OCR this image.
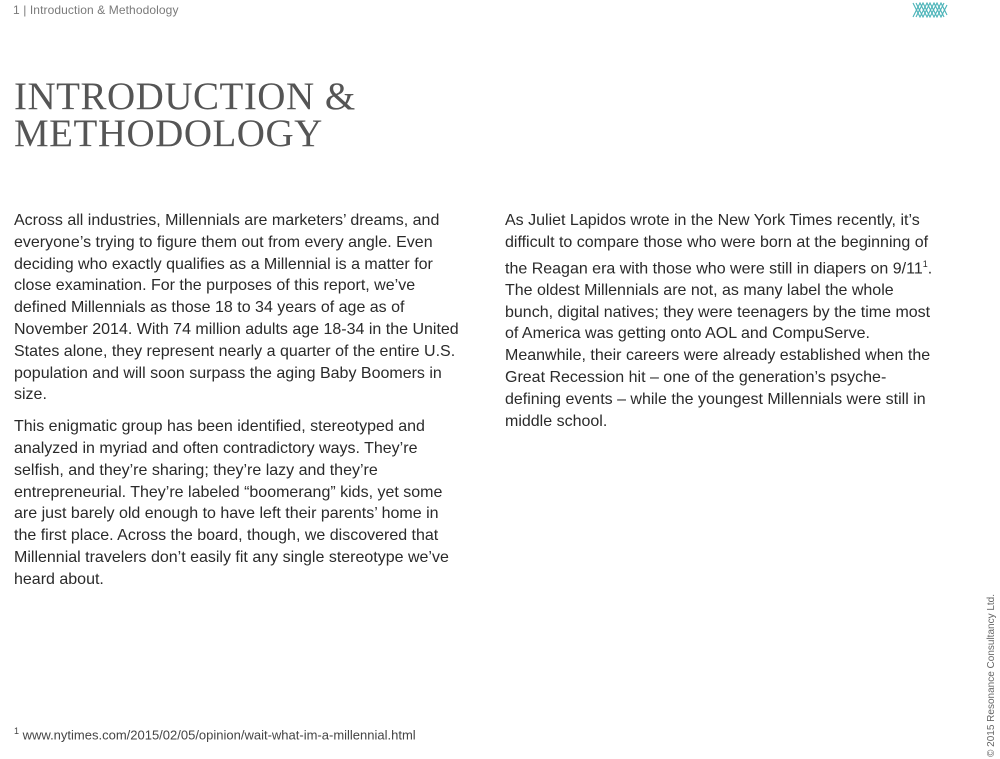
1 | Introduction & Methodology
INTRODUCTION &
METHODOLOGY

Across all industries, Millennials are marketers’ dreams, and everyone’s trying to figure them out from every angle. Even deciding who exactly qualifies as a Millennial is a matter for close examination. For the purposes of this report, we’ve defined Millennials as those 18 to 34 years of age as of November 2014. With 74 million adults age 18-34 in the United States alone, they represent nearly a quarter of the entire U.S. population and will soon surpass the aging Baby Boomers in size.

This enigmatic group has been identified, stereotyped and analyzed in myriad and often contradictory ways. They’re selfish, and they’re sharing; they’re lazy and they’re entrepreneurial. They’re labeled “boomerang” kids, yet some are just barely old enough to have left their parents’ home in the first place. Across the board, though, we discovered that Millennial travelers don’t easily fit any single stereotype we’ve heard about.

As Juliet Lapidos wrote in the New York Times recently, it’s difficult to compare those who were born at the beginning of the Reagan era with those who were still in diapers on $9/11^1$. The oldest Millennials are not, as many label the whole bunch, digital natives; they were teenagers by the time most of America was getting onto AOL and CompuServe. Meanwhile, their careers were already established when the Great Recession hit – one of the generation’s psyche-defining events – while the youngest Millennials were still in middle school.

$^1$ www.nytimes.com/2015/02/05/opinion/wait-what-im-a-millennial.html	© 2015 Resonance Consultancy Ltd.
